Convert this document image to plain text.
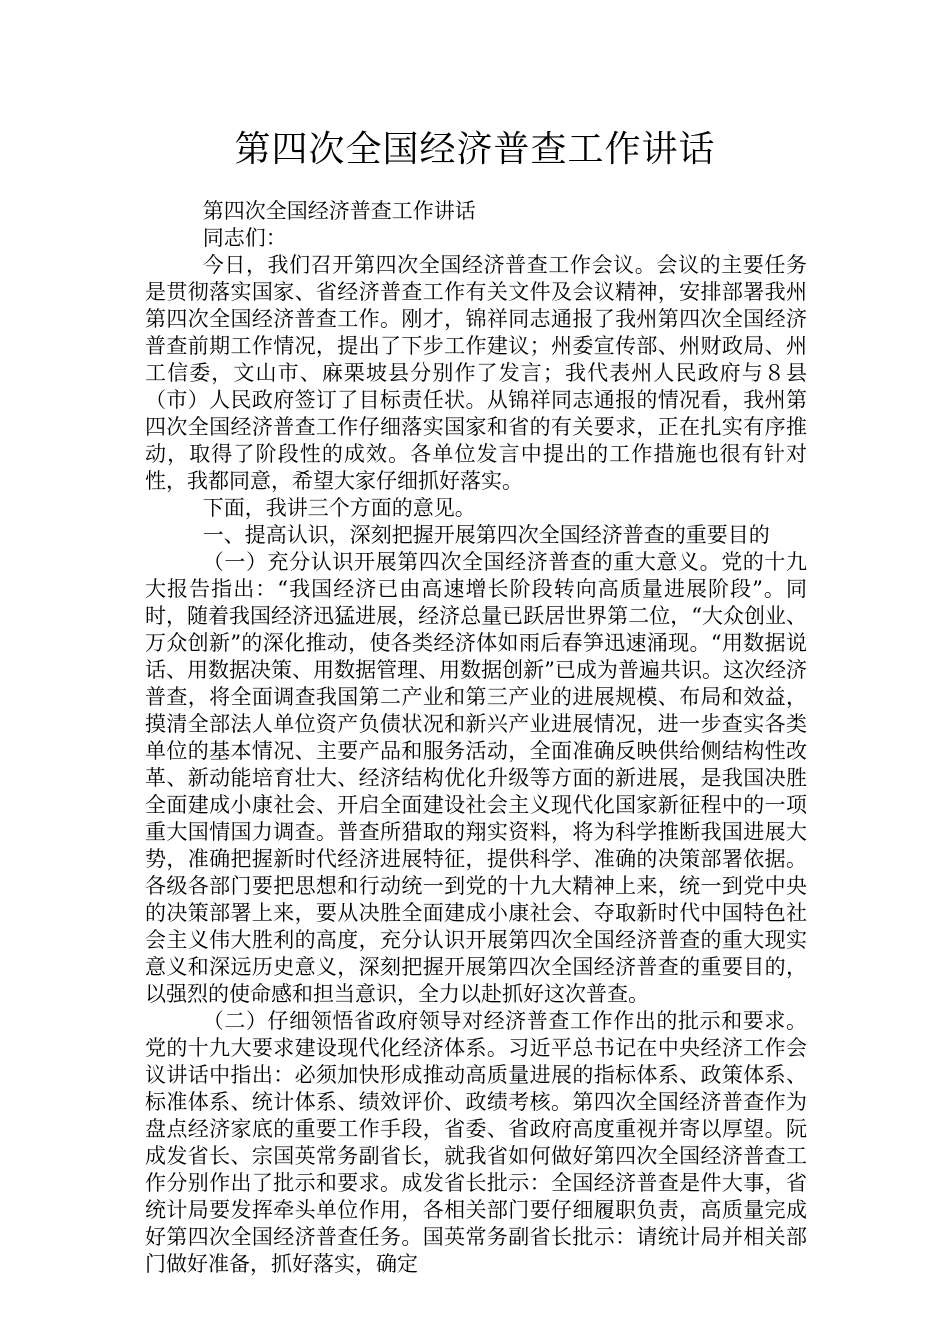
第四次全国经济普查工作讲话

第四次全国经济普查工作讲话

同志们：

今日，我们召开第四次全国经济普查工作会议。会议的主要任务是贯彻落实国家、省经济普查工作有关文件及会议精神，安排部署我州第四次全国经济普查工作。刚才，锦祥同志通报了我州第四次全国经济普查前期工作情况，提出了下步工作建议；州委宣传部、州财政局、州工信委，文山市、麻栗坡县分别作了发言；我代表州人民政府与８县（市）人民政府签订了目标责任状。从锦祥同志通报的情况看，我州第四次全国经济普查工作仔细落实国家和省的有关要求，正在扎实有序推动，取得了阶段性的成效。各单位发言中提出的工作措施也很有针对性，我都同意，希望大家仔细抓好落实。

下面，我讲三个方面的意见。

一、提高认识，深刻把握开展第四次全国经济普查的重要目的

（一）充分认识开展第四次全国经济普查的重大意义。党的十九大报告指出：“我国经济已由高速增长阶段转向高质量进展阶段”。同时，随着我国经济迅猛进展，经济总量已跃居世界第二位，“大众创业、万众创新”的深化推动，使各类经济体如雨后春笋迅速涌现。“用数据说话、用数据决策、用数据管理、用数据创新”已成为普遍共识。这次经济普查，将全面调查我国第二产业和第三产业的进展规模、布局和效益，摸清全部法人单位资产负债状况和新兴产业进展情况，进一步查实各类单位的基本情况、主要产品和服务活动，全面准确反映供给侧结构性改革、新动能培育壮大、经济结构优化升级等方面的新进展，是我国决胜全面建成小康社会、开启全面建设社会主义现代化国家新征程中的一项重大国情国力调查。普查所猎取的翔实资料，将为科学推断我国进展大势，准确把握新时代经济进展特征，提供科学、准确的决策部署依据。各级各部门要把思想和行动统一到党的十九大精神上来，统一到党中央的决策部署上来，要从决胜全面建成小康社会、夺取新时代中国特色社会主义伟大胜利的高度，充分认识开展第四次全国经济普查的重大现实意义和深远历史意义，深刻把握开展第四次全国经济普查的重要目的，以强烈的使命感和担当意识，全力以赴抓好这次普查。

（二）仔细领悟省政府领导对经济普查工作作出的批示和要求。党的十九大要求建设现代化经济体系。习近平总书记在中央经济工作会议讲话中指出：必须加快形成推动高质量进展的指标体系、政策体系、标准体系、统计体系、绩效评价、政绩考核。第四次全国经济普查作为盘点经济家底的重要工作手段，省委、省政府高度重视并寄以厚望。阮成发省长、宗国英常务副省长，就我省如何做好第四次全国经济普查工作分别作出了批示和要求。成发省长批示：全国经济普查是件大事，省统计局要发挥牵头单位作用，各相关部门要仔细履职负责，高质量完成好第四次全国经济普查任务。国英常务副省长批示：请统计局并相关部门做好准备，抓好落实，确定
